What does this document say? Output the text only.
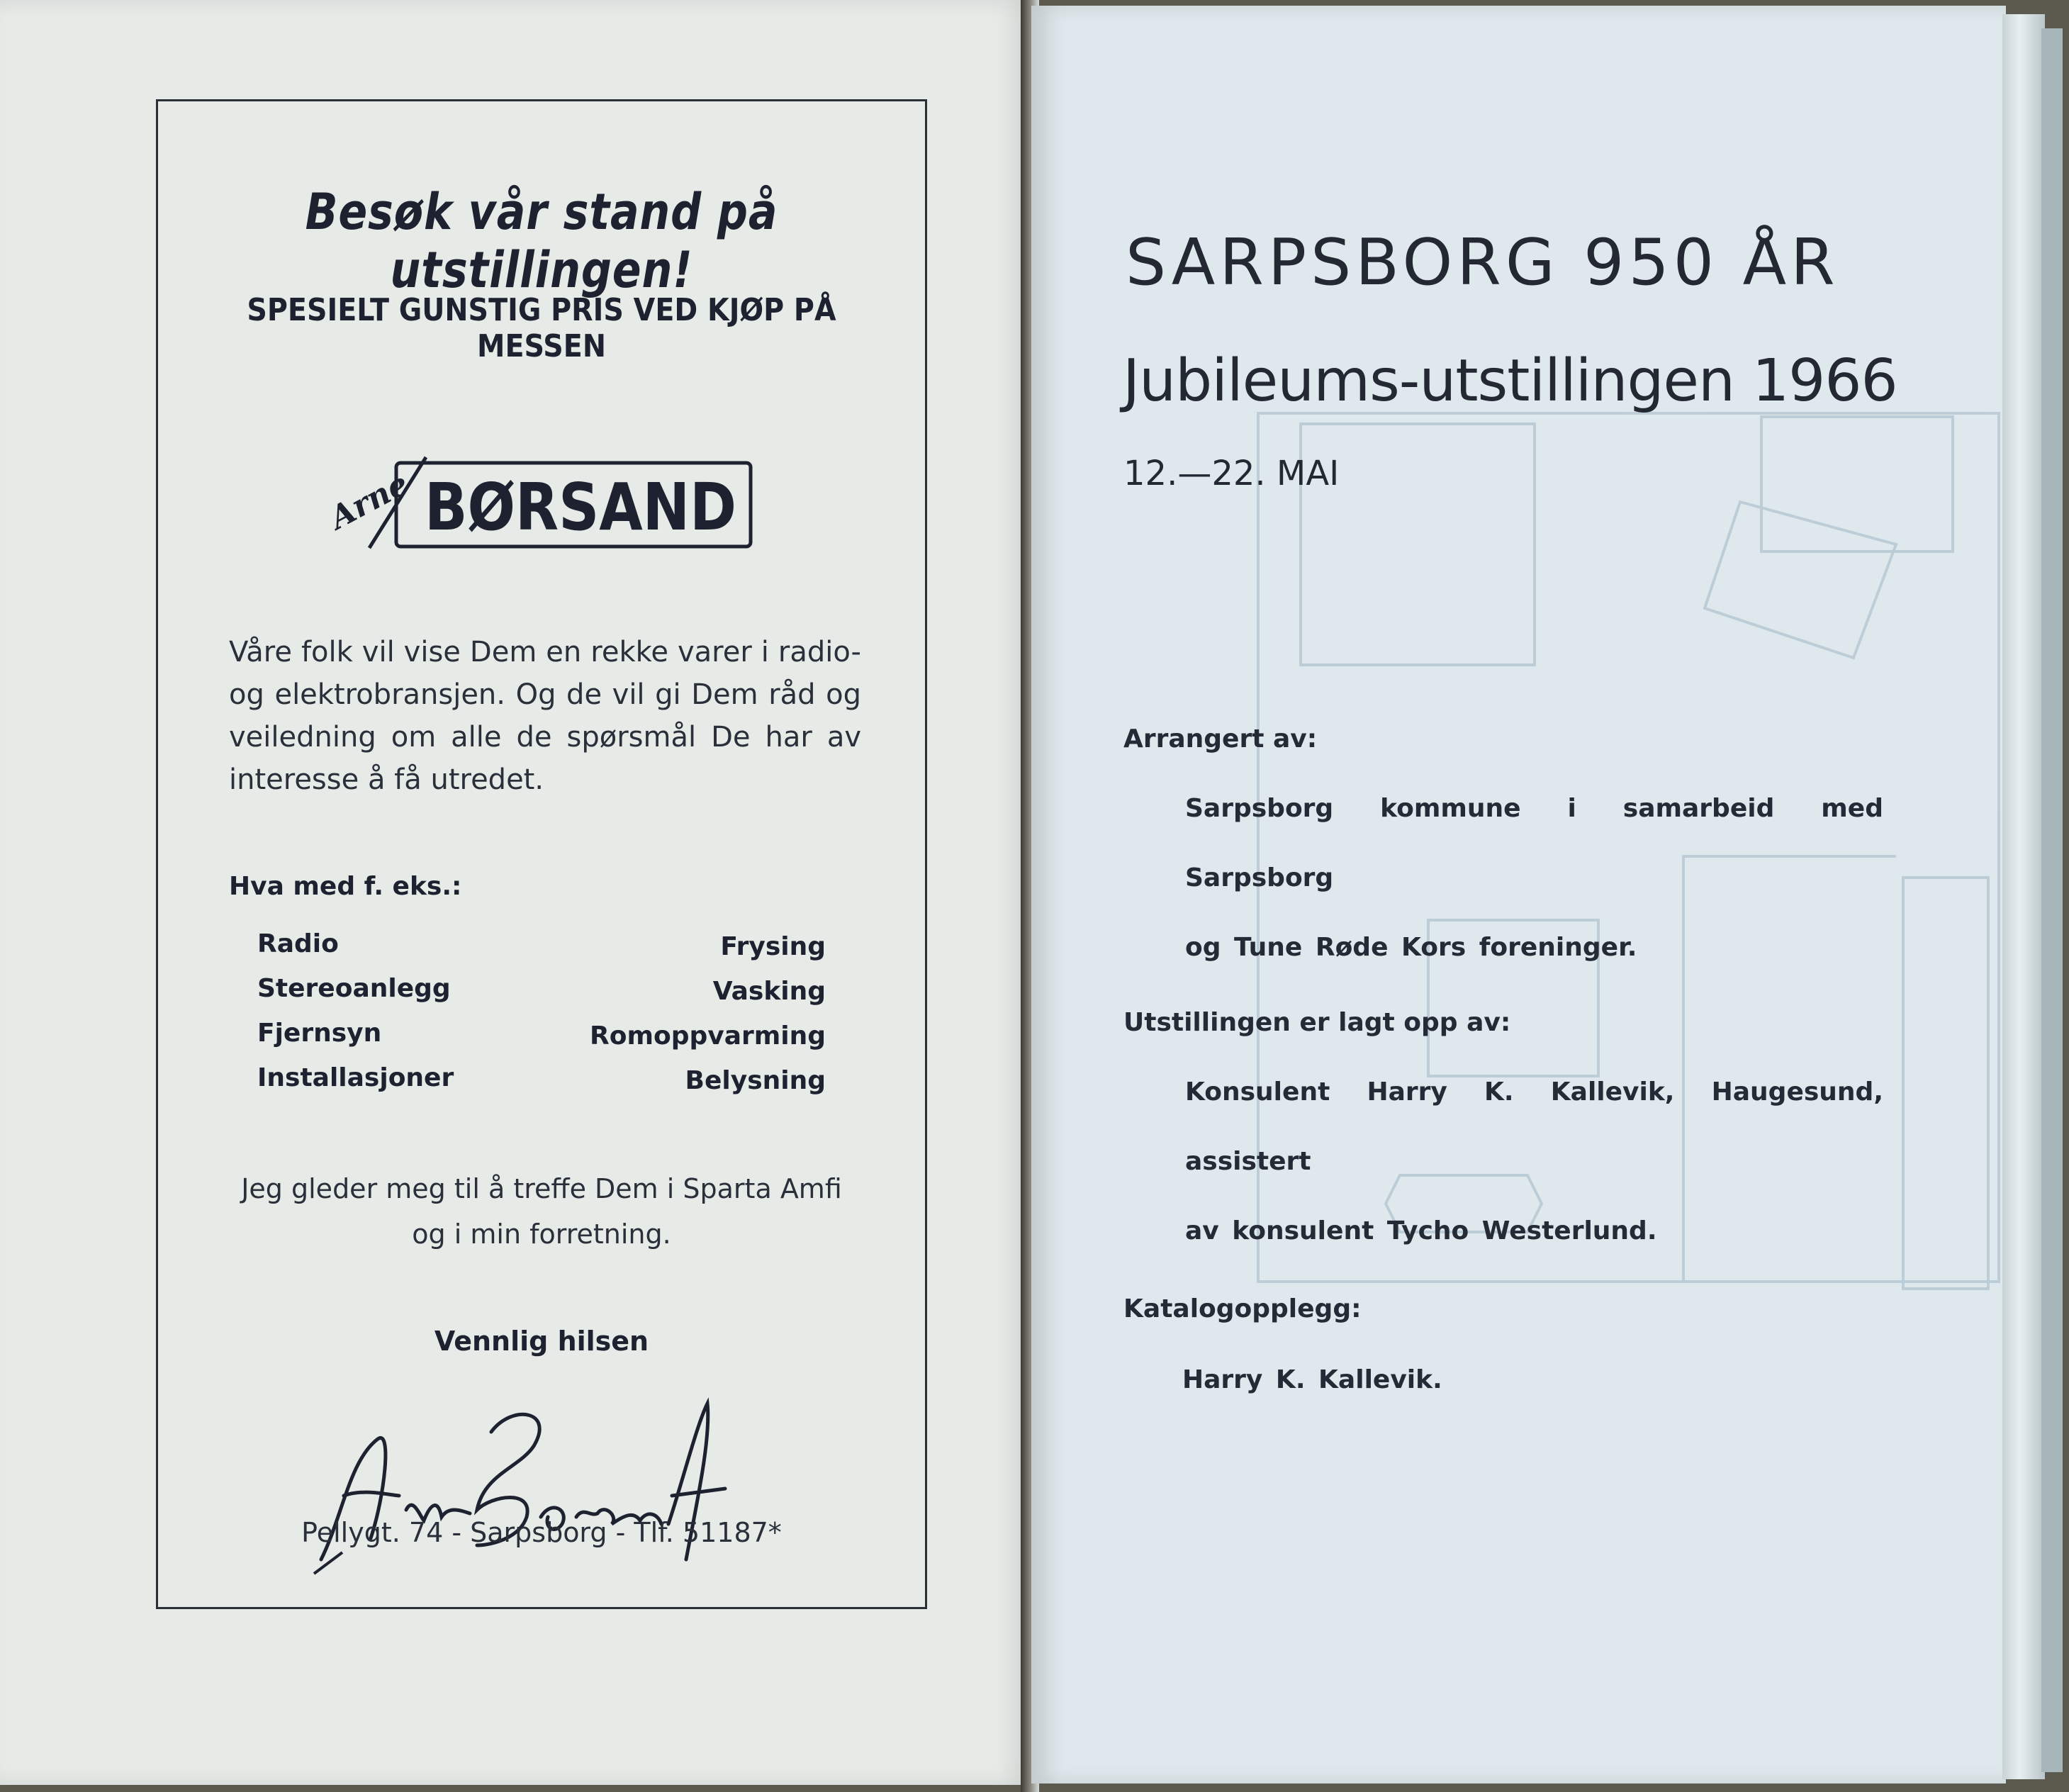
Besøk vår stand på utstillingen!
SPESIELT GUNSTIG PRIS VED KJØP PÅ MESSEN
Arne BØRSAND
Våre folk vil vise Dem en rekke varer i radio- og elektrobransjen. Og de vil gi Dem råd og veiledning om alle de spørsmål De har av interesse å få utredet.
Hva med f. eks.:
Radio
Stereoanlegg
Fjernsyn
Installasjoner
Frysing
Vasking
Romoppvarming
Belysning
Jeg gleder meg til å treffe Dem i Sparta Amfi
og i min forretning.
Vennlig hilsen
Pellygt. 74 - Sarpsborg - Tlf. 51187*
SARPSBORG 950 ÅR
Jubileums-utstillingen 1966
12.—22. MAI
Arrangert av:
Sarpsborg kommune i samarbeid med Sarpsborg
og Tune Røde Kors foreninger.
Utstillingen er lagt opp av:
Konsulent Harry K. Kallevik, Haugesund, assistert
av konsulent Tycho Westerlund.
Katalogopplegg:
Harry K. Kallevik.
